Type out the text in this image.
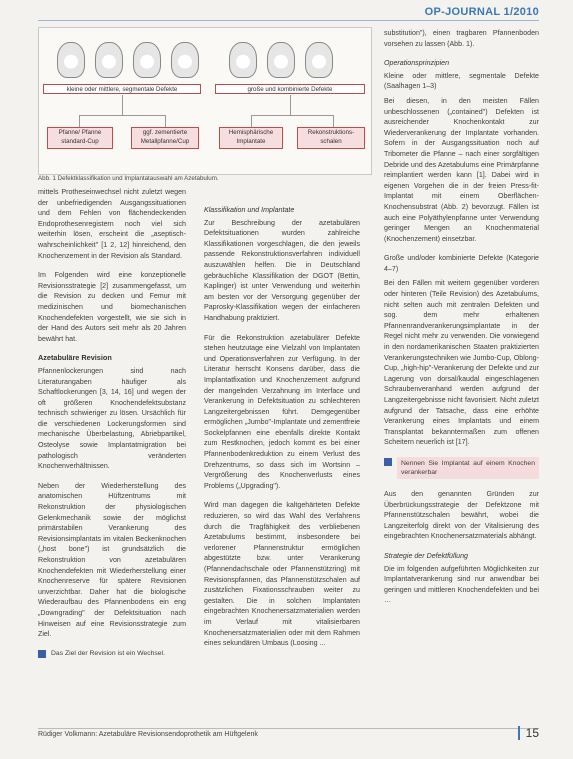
OP-JOURNAL 1/2010
kleine oder mittlere, segmentale Defekte	große und kombinierte Defekte
Pfanne/ Pfanne standard-Cup
ggf. zementierte Metallpfanne/Cup
Hemisphärische Implantate
Rekonstruktions-schalen
Abb. 1 Defektklassifikation und Implantatauswahl am Azetabulum.

mittels Protheseinwechsel nicht zuletzt wegen der unbefriedigenden Ausgangssituationen und dem Fehlen von flächendeckenden Endoprothesenregistern noch viel sich weiterhin lösen, erscheint die „aseptisch-wahrscheinlichkeit" [1 2, 12] hinreichend, den Knochenzement in der Revision als Standard.

Im Folgenden wird eine konzeptionelle Revisionsstrategie [2] zusammengefasst, um die Revision zu decken und Femur mit medizinischen und biomechanischen Knochendefekten vorgestellt, wie sie sich in der Hand des Autors seit mehr als 20 Jahren bewährt hat.

Azetabuläre Revision

Pfannenlockerungen sind nach Literaturangaben häufiger als Schaftlockerungen [3, 14, 16] und wegen der oft größeren Knochendefektsubstanz technisch schwieriger zu lösen. Ursächlich für die verschiedenen Lockerungsformen sind mechanische Überbelastung, Abriebpartikel, Osteolyse sowie Implantatmigration bei pathologisch veränderten Knochenverhältnissen.

Neben der Wiederherstellung des anatomischen Hüftzentrums mit Rekonstruktion der physiologischen Gelenkmechanik sowie der möglichst primärstabilen Verankerung des Revisionsimplantats im vitalen Beckenknochen („host bone") ist grundsätzlich die Rekonstruktion von azetabulären Knochendefekten mit Wiederherstellung einer Knochenreserve für spätere Revisionen unverzichtbar. Daher hat die biologische Wiederaufbau des Pfannenbodens ein eng „Downgrading" der Defektsituation nach Hinweisen auf eine Revisionsstrategie zum Ziel.

Das Ziel der Revision ist ein Wechsel.
Klassifikation und Implantate

Zur Beschreibung der azetabulären Defektsituationen wurden zahlreiche Klassifikationen vorgeschlagen, die den jeweils passende Rekonstruktionsverfahren individuell auszuwählen helfen. Die in Deutschland gebräuchliche Klassifikation der DGOT (Bettin, Kaplinger) ist unter Verwendung und weiterhin am besten vor der Versorgung gegenüber der Paprosky-Klassifikation wegen der einfacheren Handhabung praktiziert.

Für die Rekonstruktion azetabulärer Defekte stehen heutzutage eine Vielzahl von Implantaten und Operationsverfahren zur Verfügung. In der Literatur herrscht Konsens darüber, dass die Implantatfixation und Knochenzement aufgrund der mangelnden Verzahnung im Interface und Verankerung in Defektsituation zu schlechteren Langzeitergebnissen führt. Demgegenüber ermöglichen „Jumbo"-Implantate und zementfreie Sockelpfannen eine ebenfalls direkte Kontakt zum Restknochen, jedoch kommt es bei einer Pfannenbodenkreduktion zu einem Verlust des Drehzentrums, so dass sich im Wortsinn – Vergrößerung des Knochenverlusts eines Problems („Upgrading").

Wird man dagegen die kaltgehärteten Defekte reduzieren, so wird das Wahl des Verfahrens durch die Tragfähigkeit des verbliebenen Azetabulums bestimmt, insbesondere bei verlorener Pfannenstruktur ermöglichen abgestützte bzw. unter Verankerung (Pfannendachschale oder Pfannenstützring) mit Revisionspfannen, das Pfannenstützschalen auf zusätzlichen Fixationsschrauben weiter zu gestalten. Die in solchen Implantaten eingebrachten Knochenersatzmaterialien werden im Verlauf mit vitalisierbaren Knochenersatzmaterialien oder mit dem Rahmen eines sekundären Umbaus (Loosing ...

substitution"), einen tragbaren Pfannenboden vorsehen zu lassen (Abb. 1).

Operationsprinzipien

Kleine oder mittlere, segmentale Defekte (Saalhagen 1–3)

Bei diesen, in den meisten Fällen unbeschlossenen („contained") Defekten ist ausreichender Knochenkontakt zur Wiederverankerung der Implantate vorhanden. Sofern in der Ausgangssituation noch auf Tribometer die Pfanne – nach einer sorgfältigen Debride und des Azetabulums eine Primärpfanne reimplantiert werden kann [1]. Dabei wird in eigenen Vorgehen die in der freien Press-fit-Implantat mit einem Oberflächen-Knochensubstrat (Abb. 2) bevorzugt. Fällen ist auch eine Polyäthylenpfanne unter Verwendung geringer Mengen an Knochenmaterial (Knochenzement) einsetzbar.

Große und/oder kombinierte Defekte (Kategorie 4–7)

Bei den Fällen mit weitern gegenüber vorderen oder hinteren (Teile Revision) des Azetabulums, nicht selten auch mit zentralen Defekten und sog. dem mehr erhaltenen Pfannenrandverankerungsimplantate in der Regel nicht mehr zu verwenden. Die vorwiegend in den nordamerikanischen Staaten praktizierten Verankerungstechniken wie Jumbo-Cup, Oblong-Cup, „high-hip"-Verankerung der Defekte und zur Lagerung von dorsal/kaudal eingeschlagenen Schraubenveranhand werden aufgrund der Langzeitergebnisse nicht favorisiert. Nicht zuletzt aufgrund der Tatsache, dass eine erhöhte Verankerung eines Implantats und einem Transplantat bekanntermaßen zum offenen Scheitern neuerlich ist [17].

Nennen Sie Implantat auf einem Knochen verankerbar

Aus den genannten Gründen zur Überbrückungsstrategie der Defektzone mit Pfannenstützschalen bewährt, wobei die Langzeiterfolg direkt von der Vitalisierung des eingebrachten Knochenersatzmaterials abhängt.

Strategie der Defektfüllung

Die im folgenden aufgeführten Möglichkeiten zur Implantatverankerung sind nur anwendbar bei geringen und mittleren Knochendefekten und bei …

Rüdiger Volkmann: Azetabuläre Revisionsendoprothetik am Hüftgelenk	15
